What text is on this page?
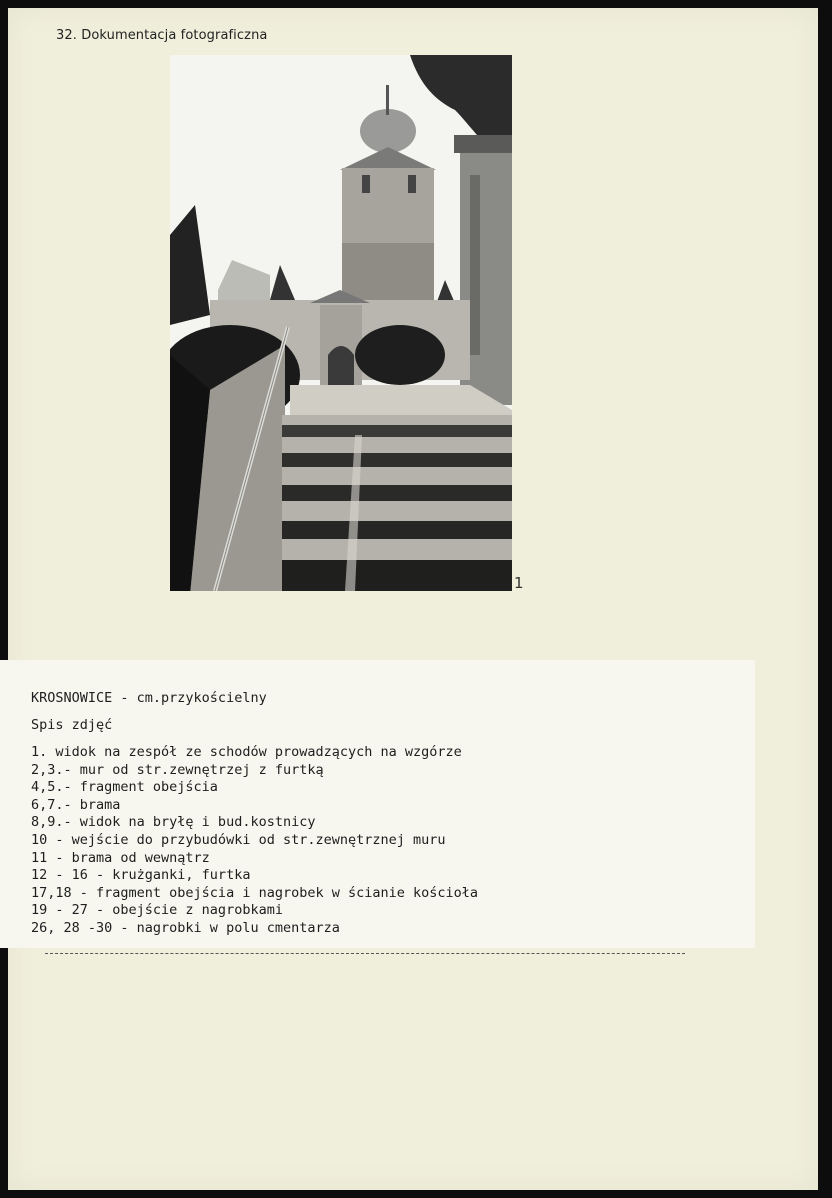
32. Dokumentacja fotograficzna
1
KROSNOWICE - cm.przykościelny
Spis zdjęć
1. widok na zespół ze schodów prowadzących na wzgórze
2,3.- mur od str.zewnętrzej z furtką
4,5.- fragment obejścia
6,7.- brama
8,9.- widok na bryłę i bud.kostnicy
10 - wejście do przybudówki od str.zewnętrznej muru
11 - brama od wewnątrz
12 - 16 - krużganki, furtka
17,18 - fragment obejścia i nagrobek w ścianie kościoła
19 - 27 - obejście z nagrobkami
26, 28 -30 - nagrobki w polu cmentarza
